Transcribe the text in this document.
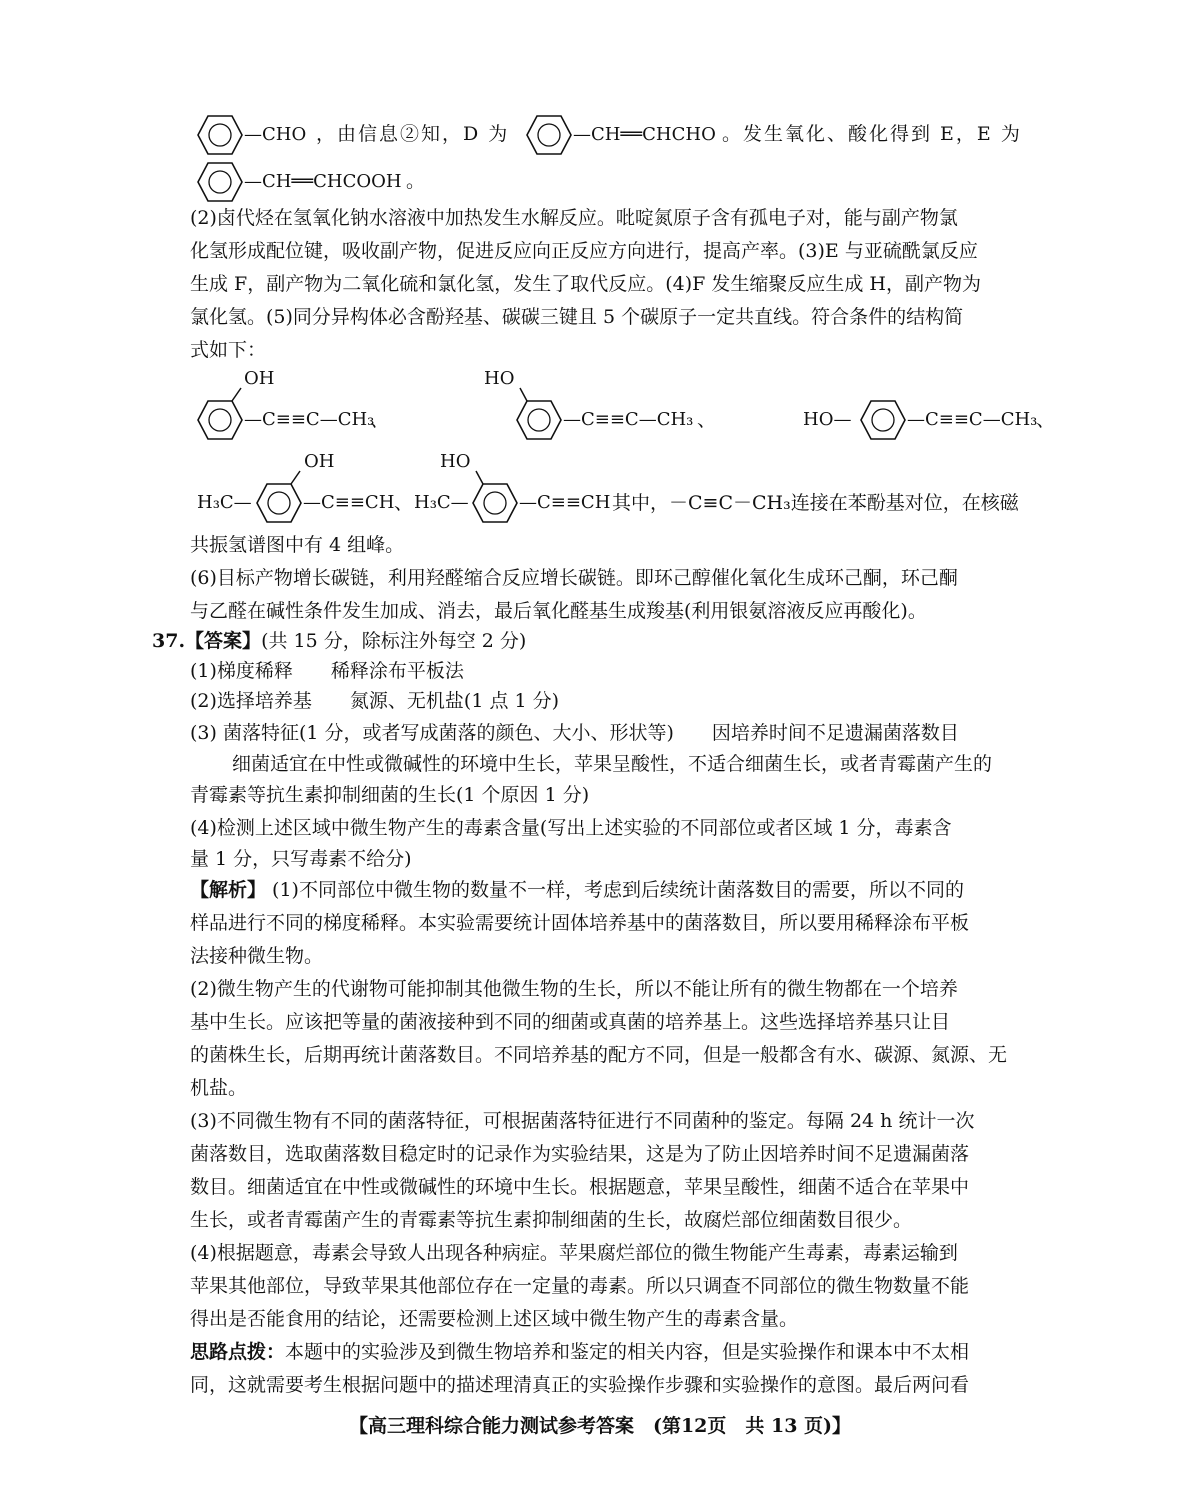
—CHO ，由信息②知，D 为	—CH══CHCHO 。发生氧化、酸化得到 E，E 为
—CH══CHCOOH 。
(2)卤代烃在氢氧化钠水溶液中加热发生水解反应。吡啶氮原子含有孤电子对，能与副产物氯
化氢形成配位键，吸收副产物，促进反应向正反应方向进行，提高产率。(3)E 与亚硫酰氯反应
生成 F，副产物为二氧化硫和氯化氢，发生了取代反应。(4)F 发生缩聚反应生成 H，副产物为
氯化氢。(5)同分异构体必含酚羟基、碳碳三键且 5 个碳原子一定共直线。符合条件的结构简
式如下：
OH
—C≡≡C—CH₃
、
HO
—C≡≡C—CH₃ 、	HO—	—C≡≡C—CH₃
、
OH
H₃C—	—C≡≡CH 、
HO
H₃C—	—C≡≡CH 其中，－C≡C－CH₃连接在苯酚基对位，在核磁
共振氢谱图中有 4 组峰。
(6)目标产物增长碳链，利用羟醛缩合反应增长碳链。即环己醇催化氧化生成环己酮，环己酮
与乙醛在碱性条件发生加成、消去，最后氧化醛基生成羧基(利用银氨溶液反应再酸化)。
37.【答案】(共 15 分，除标注外每空 2 分)
(1)梯度稀释　　稀释涂布平板法
(2)选择培养基　　氮源、无机盐(1 点 1 分)
(3) 菌落特征(1 分，或者写成菌落的颜色、大小、形状等)　　因培养时间不足遗漏菌落数目
细菌适宜在中性或微碱性的环境中生长，苹果呈酸性，不适合细菌生长，或者青霉菌产生的
青霉素等抗生素抑制细菌的生长(1 个原因 1 分)
(4)检测上述区域中微生物产生的毒素含量(写出上述实验的不同部位或者区域 1 分，毒素含
量 1 分，只写毒素不给分)
【解析】 (1)不同部位中微生物的数量不一样，考虑到后续统计菌落数目的需要，所以不同的
样品进行不同的梯度稀释。本实验需要统计固体培养基中的菌落数目，所以要用稀释涂布平板
法接种微生物。
(2)微生物产生的代谢物可能抑制其他微生物的生长，所以不能让所有的微生物都在一个培养
基中生长。应该把等量的菌液接种到不同的细菌或真菌的培养基上。这些选择培养基只让目
的菌株生长，后期再统计菌落数目。不同培养基的配方不同，但是一般都含有水、碳源、氮源、无
机盐。
(3)不同微生物有不同的菌落特征，可根据菌落特征进行不同菌种的鉴定。每隔 24 h 统计一次
菌落数目，选取菌落数目稳定时的记录作为实验结果，这是为了防止因培养时间不足遗漏菌落
数目。细菌适宜在中性或微碱性的环境中生长。根据题意，苹果呈酸性，细菌不适合在苹果中
生长，或者青霉菌产生的青霉素等抗生素抑制细菌的生长，故腐烂部位细菌数目很少。
(4)根据题意，毒素会导致人出现各种病症。苹果腐烂部位的微生物能产生毒素，毒素运输到
苹果其他部位，导致苹果其他部位存在一定量的毒素。所以只调查不同部位的微生物数量不能
得出是否能食用的结论，还需要检测上述区域中微生物产生的毒素含量。
思路点拨：本题中的实验涉及到微生物培养和鉴定的相关内容，但是实验操作和课本中不太相
同，这就需要考生根据问题中的描述理清真正的实验操作步骤和实验操作的意图。最后两问看
【高三理科综合能力测试参考答案　(第12页　共 13 页)】
